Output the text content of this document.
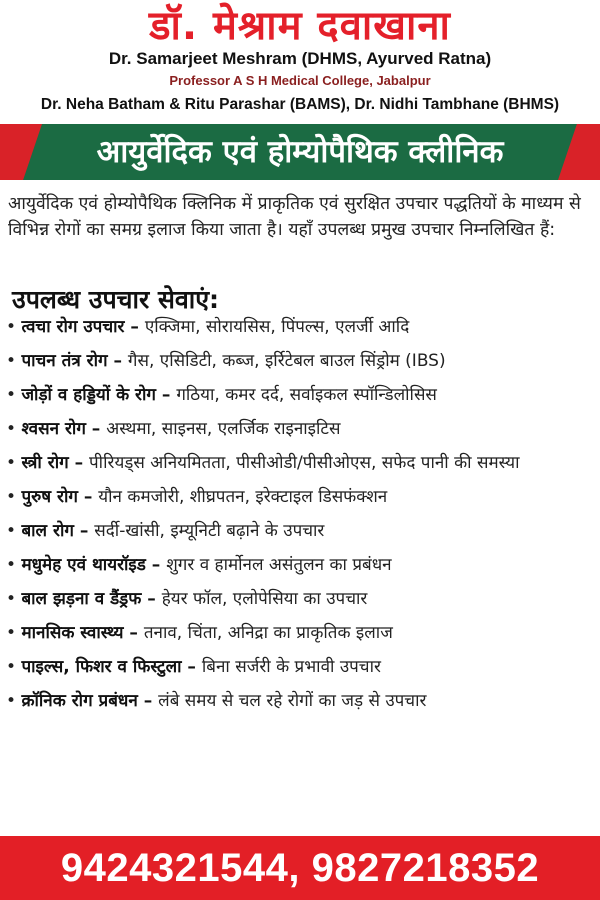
डॉ. मेश्राम दवाखाना
Dr. Samarjeet Meshram (DHMS, Ayurved Ratna)
Professor A S H Medical College, Jabalpur
Dr. Neha Batham & Ritu Parashar (BAMS), Dr. Nidhi Tambhane (BHMS)
आयुर्वेदिक एवं होम्योपैथिक क्लीनिक
आयुर्वेदिक एवं होम्योपैथिक क्लिनिक में प्राकृतिक एवं सुरक्षित उपचार पद्धतियों के माध्यम से विभिन्न रोगों का समग्र इलाज किया जाता है। यहाँ उपलब्ध प्रमुख उपचार निम्नलिखित हैं:
उपलब्ध उपचार सेवाएं:
• त्वचा रोग उपचार – एक्जिमा, सोरायसिस, पिंपल्स, एलर्जी आदि
• पाचन तंत्र रोग – गैस, एसिडिटी, कब्ज, इर्रिटेबल बाउल सिंड्रोम (IBS)
• जोड़ों व हड्डियों के रोग – गठिया, कमर दर्द, सर्वाइकल स्पॉन्डिलोसिस
• श्वसन रोग – अस्थमा, साइनस, एलर्जिक राइनाइटिस
• स्त्री रोग – पीरियड्स अनियमितता, पीसीओडी/पीसीओएस, सफेद पानी की समस्या
• पुरुष रोग – यौन कमजोरी, शीघ्रपतन, इरेक्टाइल डिसफंक्शन
• बाल रोग – सर्दी-खांसी, इम्यूनिटी बढ़ाने के उपचार
• मधुमेह एवं थायरॉइड – शुगर व हार्मोनल असंतुलन का प्रबंधन
• बाल झड़ना व डैंड्रफ – हेयर फॉल, एलोपेसिया का उपचार
• मानसिक स्वास्थ्य – तनाव, चिंता, अनिद्रा का प्राकृतिक इलाज
• पाइल्स, फिशर व फिस्टुला – बिना सर्जरी के प्रभावी उपचार
• क्रॉनिक रोग प्रबंधन – लंबे समय से चल रहे रोगों का जड़ से उपचार
9424321544, 9827218352
